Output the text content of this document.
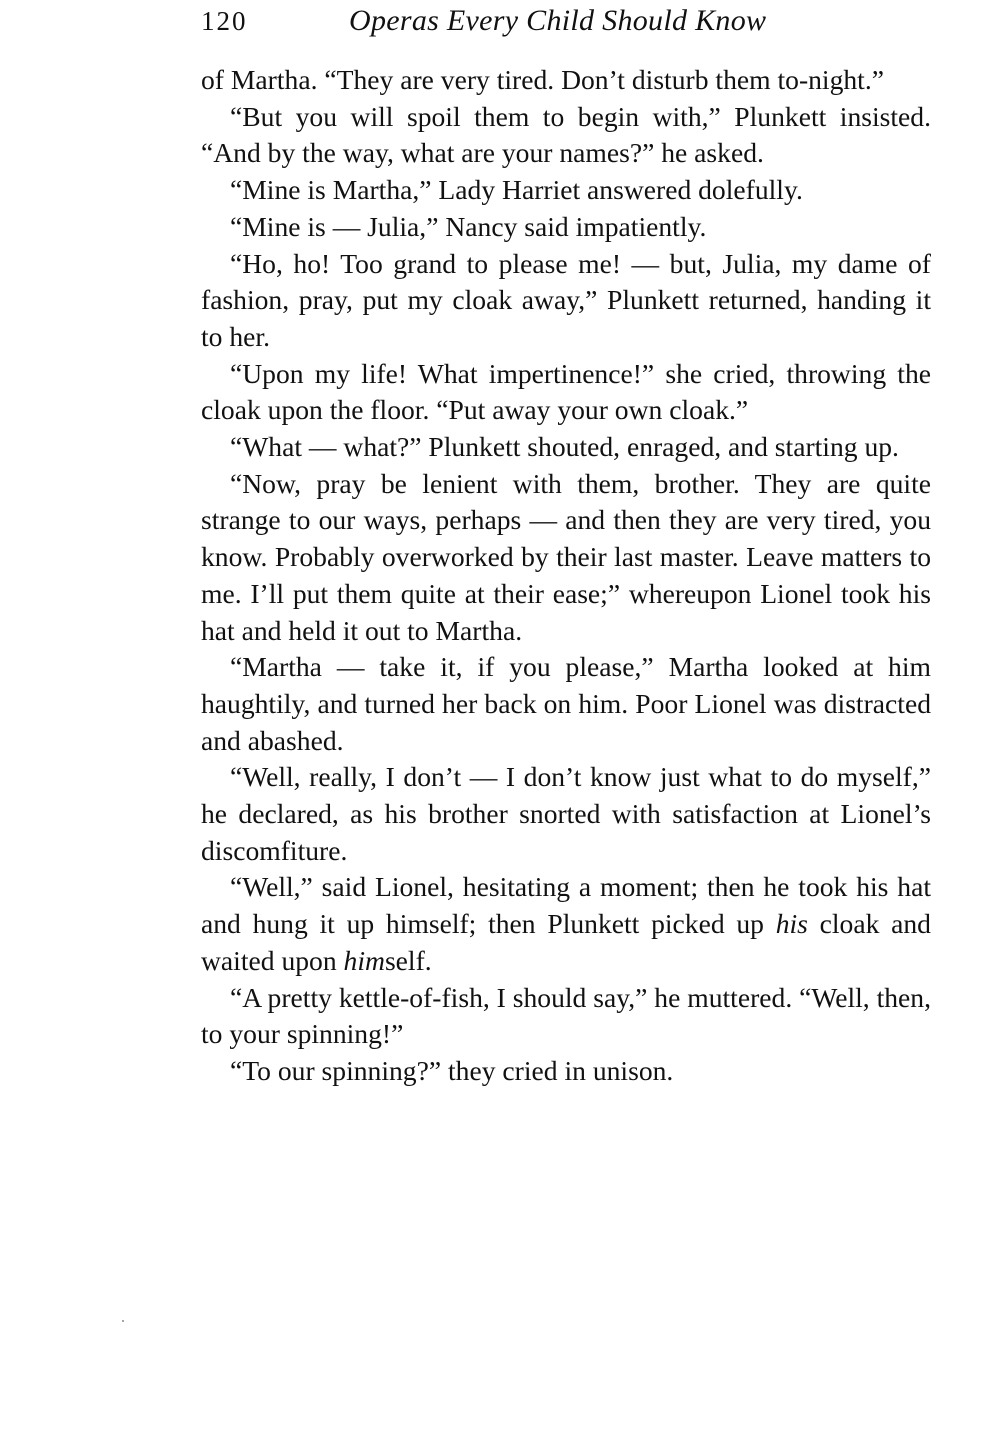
120	Operas Every Child Should Know

of Martha. “They are very tired. Don’t disturb them to-night.”

“But you will spoil them to begin with,” Plunkett insisted. “And by the way, what are your names?” he asked.

“Mine is Martha,” Lady Harriet answered dolefully.

“Mine is — Julia,” Nancy said impatiently.

“Ho, ho! Too grand to please me! — but, Julia, my dame of fashion, pray, put my cloak away,” Plunkett returned, handing it to her.

“Upon my life! What impertinence!” she cried, throwing the cloak upon the floor. “Put away your own cloak.”

“What — what?” Plunkett shouted, enraged, and starting up.

“Now, pray be lenient with them, brother. They are quite strange to our ways, perhaps — and then they are very tired, you know. Probably overworked by their last master. Leave matters to me. I’ll put them quite at their ease;” whereupon Lionel took his hat and held it out to Martha.

“Martha — take it, if you please,” Martha looked at him haughtily, and turned her back on him. Poor Lionel was distracted and abashed.

“Well, really, I don’t — I don’t know just what to do myself,” he declared, as his brother snorted with satisfaction at Lionel’s discomfiture.

“Well,” said Lionel, hesitating a moment; then he took his hat and hung it up himself; then Plunkett picked up his cloak and waited upon himself.

“A pretty kettle-of-fish, I should say,” he muttered. “Well, then, to your spinning!”

“To our spinning?” they cried in unison.
